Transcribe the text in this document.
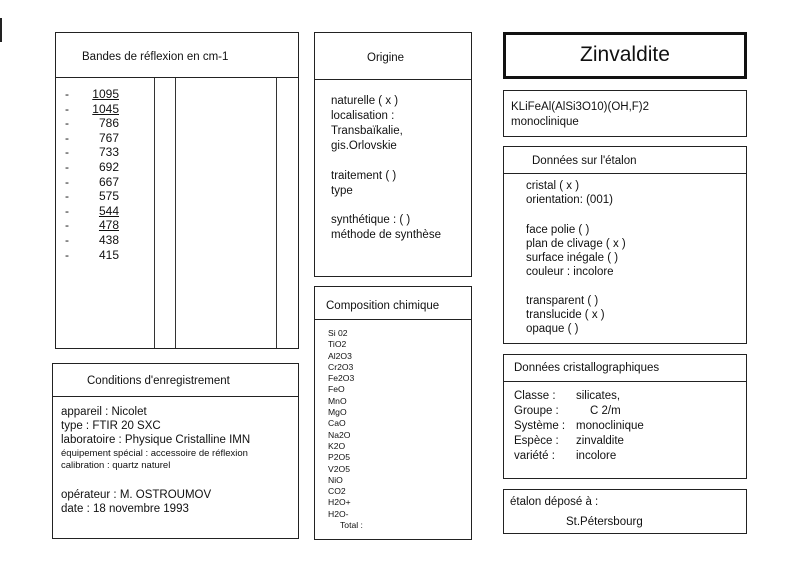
Bandes de réflexion en cm-1
-	1095
-	1045
-	786
-	767
-	733
-	692
-	667
-	575
-	544
-	478
-	438
-	415
Origine
naturelle ( x )
localisation :
Transbaïkalie,
gis.Orlovskie
traitement ( )
type
synthétique : ( )
méthode de synthèse
Zinvaldite
KLiFeAl(AlSi3O10)(OH,F)2
monoclinique
Données sur l'étalon
cristal ( x )
orientation: (001)
face polie ( )
plan de clivage ( x )
surface inégale ( )
couleur : incolore
transparent ( )
translucide ( x )
opaque ( )
Composition chimique
Si 02
TiO2
Al2O3
Cr2O3
Fe2O3
FeO
MnO
MgO
CaO
Na2O
K2O
P2O5
V2O5
NiO
CO2
H2O+
H2O-
Total :
Conditions d'enregistrement
appareil : Nicolet
type : FTIR 20 SXC
laboratoire : Physique Cristalline IMN
équipement spécial : accessoire de réflexion
calibration : quartz naturel
opérateur : M. OSTROUMOV
date : 18 novembre 1993
Données cristallographiques
Classe :	silicates,
Groupe :	C 2/m
Système : monoclinique
Espèce :	zinvaldite
variété :	incolore
étalon déposé à :
St.Pétersbourg
